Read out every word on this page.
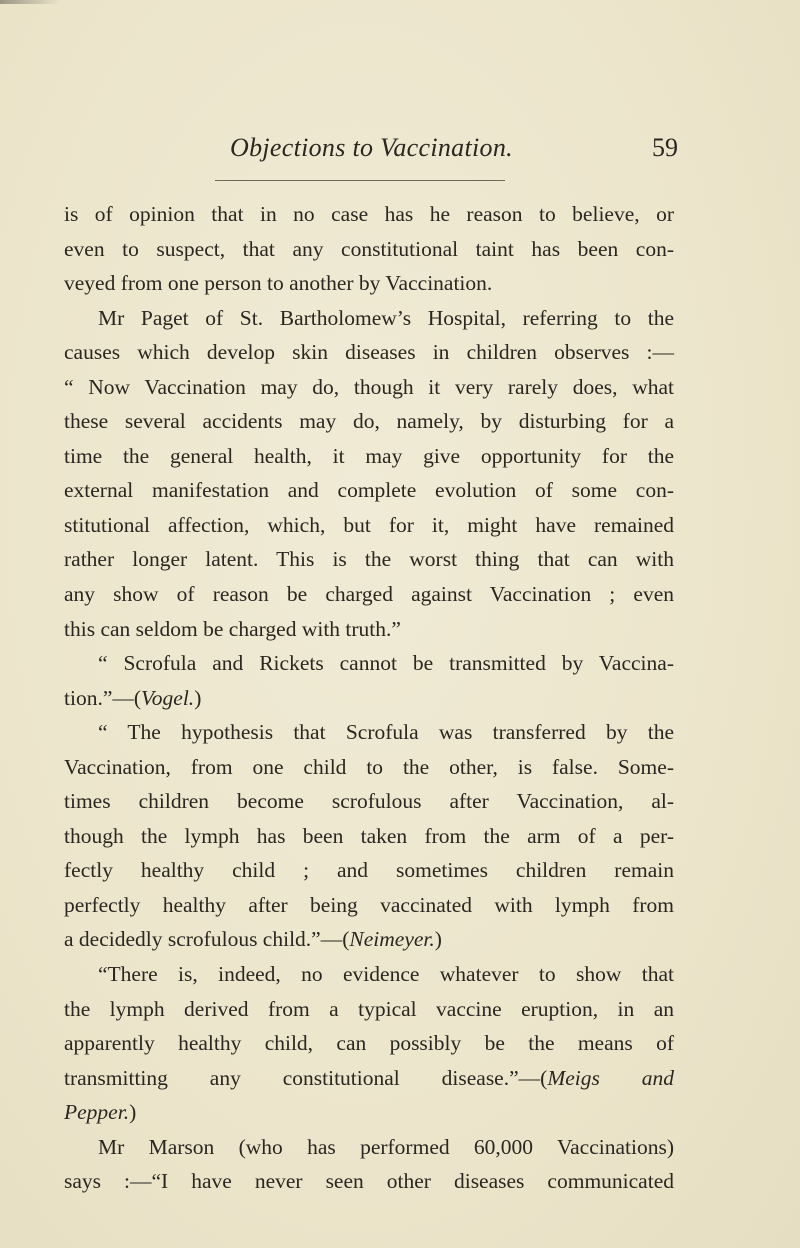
Objections to Vaccination.	59
is of opinion that in no case has he reason to believe, or
even to suspect, that any constitutional taint has been con-
veyed from one person to another by Vaccination.
Mr Paget of St. Bartholomew’s Hospital, referring to the
causes which develop skin diseases in children observes :—
“ Now Vaccination may do, though it very rarely does, what
these several accidents may do, namely, by disturbing for a
time the general health, it may give opportunity for the
external manifestation and complete evolution of some con-
stitutional affection, which, but for it, might have remained
rather longer latent. This is the worst thing that can with
any show of reason be charged against Vaccination ; even
this can seldom be charged with truth.”
“ Scrofula and Rickets cannot be transmitted by Vaccina-
tion.”—(Vogel.)
“ The hypothesis that Scrofula was transferred by the
Vaccination, from one child to the other, is false. Some-
times children become scrofulous after Vaccination, al-
though the lymph has been taken from the arm of a per-
fectly healthy child ; and sometimes children remain
perfectly healthy after being vaccinated with lymph from
a decidedly scrofulous child.”—(Neimeyer.)
“There is, indeed, no evidence whatever to show that
the lymph derived from a typical vaccine eruption, in an
apparently healthy child, can possibly be the means of
transmitting any constitutional disease.”—(Meigs and
Pepper.)
Mr Marson (who has performed 60,000 Vaccinations)
says :—“I have never seen other diseases communicated
